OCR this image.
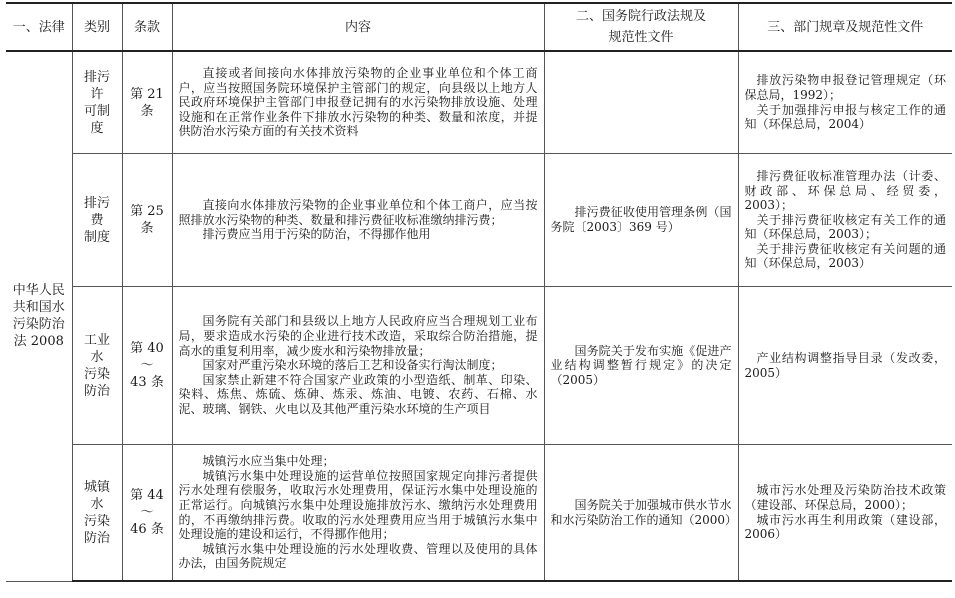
一、法律	类别	条款	内容	二、国务院行政法规及
规范性文件	三、部门规章及规范性文件

中华人民
共和国水
污染防治
法 2008	排污许
可制度	第 21 条	直接或者间接向水体排放污染物的企业事业单位和个体工商户，应当按照国务院环境保护主管部门的规定，向县级以上地方人民政府环境保护主管部门申报登记拥有的水污染物排放设施、处理设施和在正常作业条件下排放水污染物的种类、数量和浓度，并提供防治水污染方面的有关技术资料		排放污染物申报登记管理规定（环保总局，1992）；
关于加强排污申报与核定工作的通知（环保总局，2004）

	排污费
制度	第 25 条	直接向水体排放污染物的企业事业单位和个体工商户，应当按照排放水污染物的种类、数量和排污费征收标准缴纳排污费；
排污费应当用于污染的防治，不得挪作他用	排污费征收使用管理条例（国务院〔2003〕369 号）	排污费征收标准管理办法（计委、财政部、环保总局、经贸委，2003）；
关于排污费征收核定有关工作的通知（环保总局，2003）；
关于排污费征收核定有关问题的通知（环保总局，2003）

	工业水
污染
防治	第 40～
43 条	国务院有关部门和县级以上地方人民政府应当合理规划工业布局，要求造成水污染的企业进行技术改造，采取综合防治措施，提高水的重复利用率，减少废水和污染物排放量；
国家对严重污染水环境的落后工艺和设备实行淘汰制度；
国家禁止新建不符合国家产业政策的小型造纸、制革、印染、染料、炼焦、炼硫、炼砷、炼汞、炼油、电镀、农药、石棉、水泥、玻璃、钢铁、火电以及其他严重污染水环境的生产项目	国务院关于发布实施《促进产业结构调整暂行规定》的决定（2005）	产业结构调整指导目录（发改委，2005）

	城镇水
污染
防治	第 44～
46 条	城镇污水应当集中处理；
城镇污水集中处理设施的运营单位按照国家规定向排污者提供污水处理有偿服务，收取污水处理费用，保证污水集中处理设施的正常运行。向城镇污水集中处理设施排放污水、缴纳污水处理费用的，不再缴纳排污费。收取的污水处理费用应当用于城镇污水集中处理设施的建设和运行，不得挪作他用；
城镇污水集中处理设施的污水处理收费、管理以及使用的具体办法，由国务院规定	国务院关于加强城市供水节水和水污染防治工作的通知（2000）	城市污水处理及污染防治技术政策（建设部、环保总局，2000）；
城市污水再生利用政策（建设部，2006）
